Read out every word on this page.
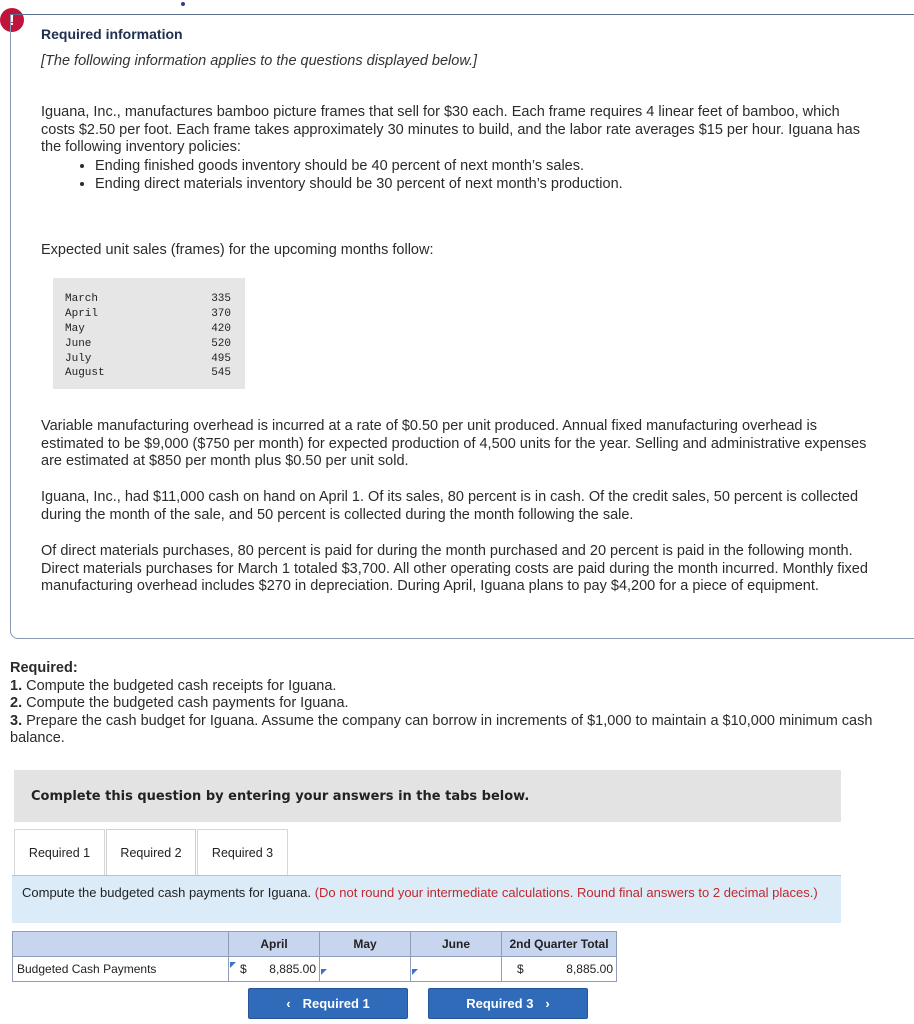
!
Required information
[The following information applies to the questions displayed below.]
Iguana, Inc., manufactures bamboo picture frames that sell for $30 each. Each frame requires 4 linear feet of bamboo, which costs $2.50 per foot. Each frame takes approximately 30 minutes to build, and the labor rate averages $15 per hour. Iguana has the following inventory policies:
• Ending finished goods inventory should be 40 percent of next month’s sales.
• Ending direct materials inventory should be 30 percent of next month’s production.
Expected unit sales (frames) for the upcoming months follow:
March	335
April	370
May	420
June	520
July	495
August	545
Variable manufacturing overhead is incurred at a rate of $0.50 per unit produced. Annual fixed manufacturing overhead is estimated to be $9,000 ($750 per month) for expected production of 4,500 units for the year. Selling and administrative expenses are estimated at $850 per month plus $0.50 per unit sold.
Iguana, Inc., had $11,000 cash on hand on April 1. Of its sales, 80 percent is in cash. Of the credit sales, 50 percent is collected during the month of the sale, and 50 percent is collected during the month following the sale.
Of direct materials purchases, 80 percent is paid for during the month purchased and 20 percent is paid in the following month. Direct materials purchases for March 1 totaled $3,700. All other operating costs are paid during the month incurred. Monthly fixed manufacturing overhead includes $270 in depreciation. During April, Iguana plans to pay $4,200 for a piece of equipment.
Required:
1. Compute the budgeted cash receipts for Iguana.
2. Compute the budgeted cash payments for Iguana.
3. Prepare the cash budget for Iguana. Assume the company can borrow in increments of $1,000 to maintain a $10,000 minimum cash balance.
Complete this question by entering your answers in the tabs below.
Required 1	Required 2	Required 3
Compute the budgeted cash payments for Iguana. (Do not round your intermediate calculations. Round final answers to 2 decimal places.)
	April	May	June	2nd Quarter Total
Budgeted Cash Payments	$ 8,885.00			$ 8,885.00
‹ Required 1	Required 3 ›
